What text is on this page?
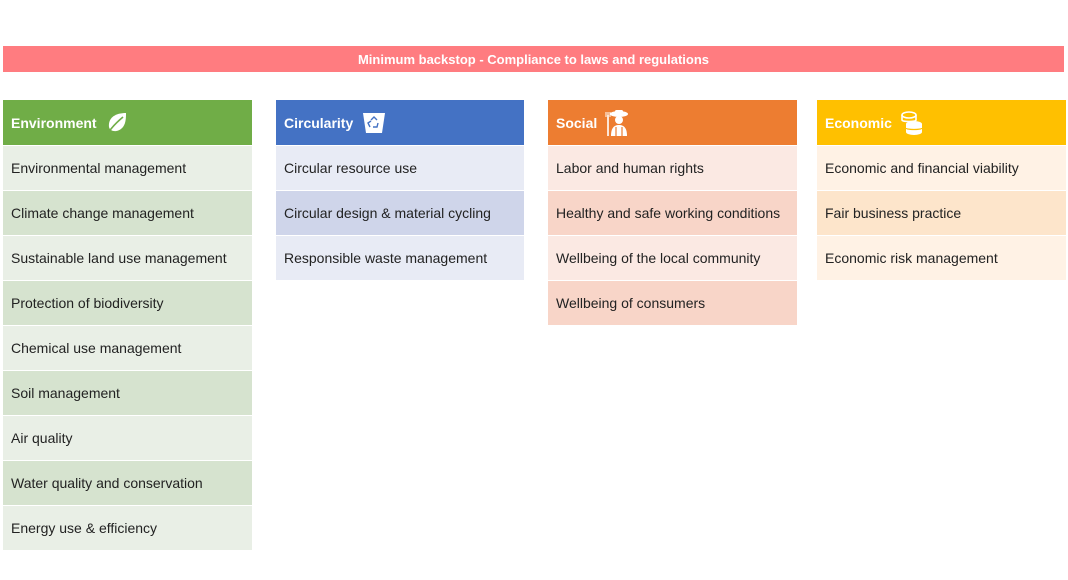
Minimum backstop - Compliance to laws and regulations
Environment
Environmental management
Climate change management
Sustainable land use management
Protection of biodiversity
Chemical use management
Soil management
Air quality
Water quality and conservation
Energy use & efficiency
Circularity
Circular resource use
Circular design & material cycling
Responsible waste management
Social
Labor and human rights
Healthy and safe working conditions
Wellbeing of the local community
Wellbeing of consumers
Economic
Economic and financial viability
Fair business practice
Economic risk management
